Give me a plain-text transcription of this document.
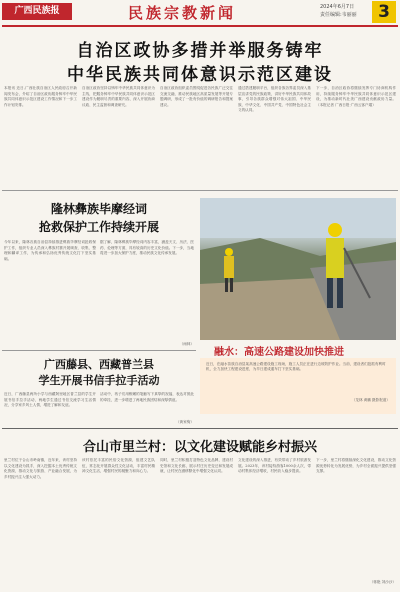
广西民族报	民族宗教新闻	2024年6月7日
责任编辑:韦丽丽	3
自治区政协多措并举服务铸牢
中华民族共同体意识示范区建设

本报讯 近日,广西壮族自治区人民政府召开新闻发布会，介绍了自治区政协服务铸牢中华民族共同体意识示范区建设工作情况和下一步工作计划安排。

自治区政协坚持以铸牢中华民族共同体意识为主线，把服务铸牢中华民族共同体意识示范区建设作为履职尽责的重要内容，深入开展协商议政、民主监督和调查研究。

自治区政协组织委员围绕促进各民族广泛交往交流交融、推动民族地区高质量发展等开展专题调研，形成了一批有价值的调研报告和提案建议。

通过搭建履职平台，组织各族各界委员深入基层宣讲党的民族政策，讲好中华民族共同体故事，引导各族群众增强对伟大祖国、中华民族、中华文化、中国共产党、中国特色社会主义的认同。

下一步，自治区政协将继续发挥专门协商机构作用，持续服务铸牢中华民族共同体意识示范区建设，为推动新时代壮美广西建设贡献政协力量。（本报记者 广西日报·广西云客户端）

隆林彝族毕摩经词
抢救保护工作持续开展

今年以来，隆林各族自治县持续推进彝族毕摩经词抢救保护工作，组织专业人员深入彝族村寨开展调查、收集、整理和翻译工作，为传承和弘扬优秀传统文化打下坚实基础。

据了解，隆林彝族毕摩经词内容丰富，涵盖天文、历法、医药、伦理等方面，具有较高的历史文化价值。下一步，当地将进一步加大保护力度，推动民族文化传承发展。

（雨林）
融水：高速公路建设加快推进
近日，在融水苗族自治县某高速公路建设施工现场，施工人员正在进行边坡防护作业。当前，建设者们抢抓有利时机，全力加快工程建设进度，为早日建成通车打下坚实基础。
（龙林 黄鹏 摄影报道）
广西藤县、西藏普兰县
学生开展书信手拉手活动

近日，广西藤县两所小学与西藏阿里地区普兰县的学生开展书信手拉手活动，两地学生通过书信交流学习生活情况，分享家乡风土人情，增进了解和友谊。

活动中，孩子们用稚嫩的笔触写下真挚的祝福，表达对彼此的牵挂，进一步增进了两地民族团结和深厚情谊。

（黄家驹）
合山市里兰村：以文化建设赋能乡村振兴

里兰村位于合山市岭南镇，近年来，该村坚持以文化建设为抓手，深入挖掘本土优秀传统文化资源，推动文化与旅游、产业融合发展，为乡村振兴注入强大动力。

该村依托丰富的民俗文化资源，组建文艺队伍，常态化开展群众性文化活动，丰富村民精神文化生活，增强村民的凝聚力和向心力。

同时，里兰村积极打造特色文化品牌，建设村史馆和文化长廊，展示村庄历史变迁和发展成就，让村民在潜移默化中增强文化认同。

文化建设的深入推进，有效带动了乡村旅游发展。2023年，该村接待游客1000余人次，带动村集体经济增收，村民收入稳步提高。

下一步，里兰村将继续深化文化建设，推动文化资源优势转化为发展优势，为乡村全面振兴提供坚强支撑。

（蒋艳 刘沙沙）
